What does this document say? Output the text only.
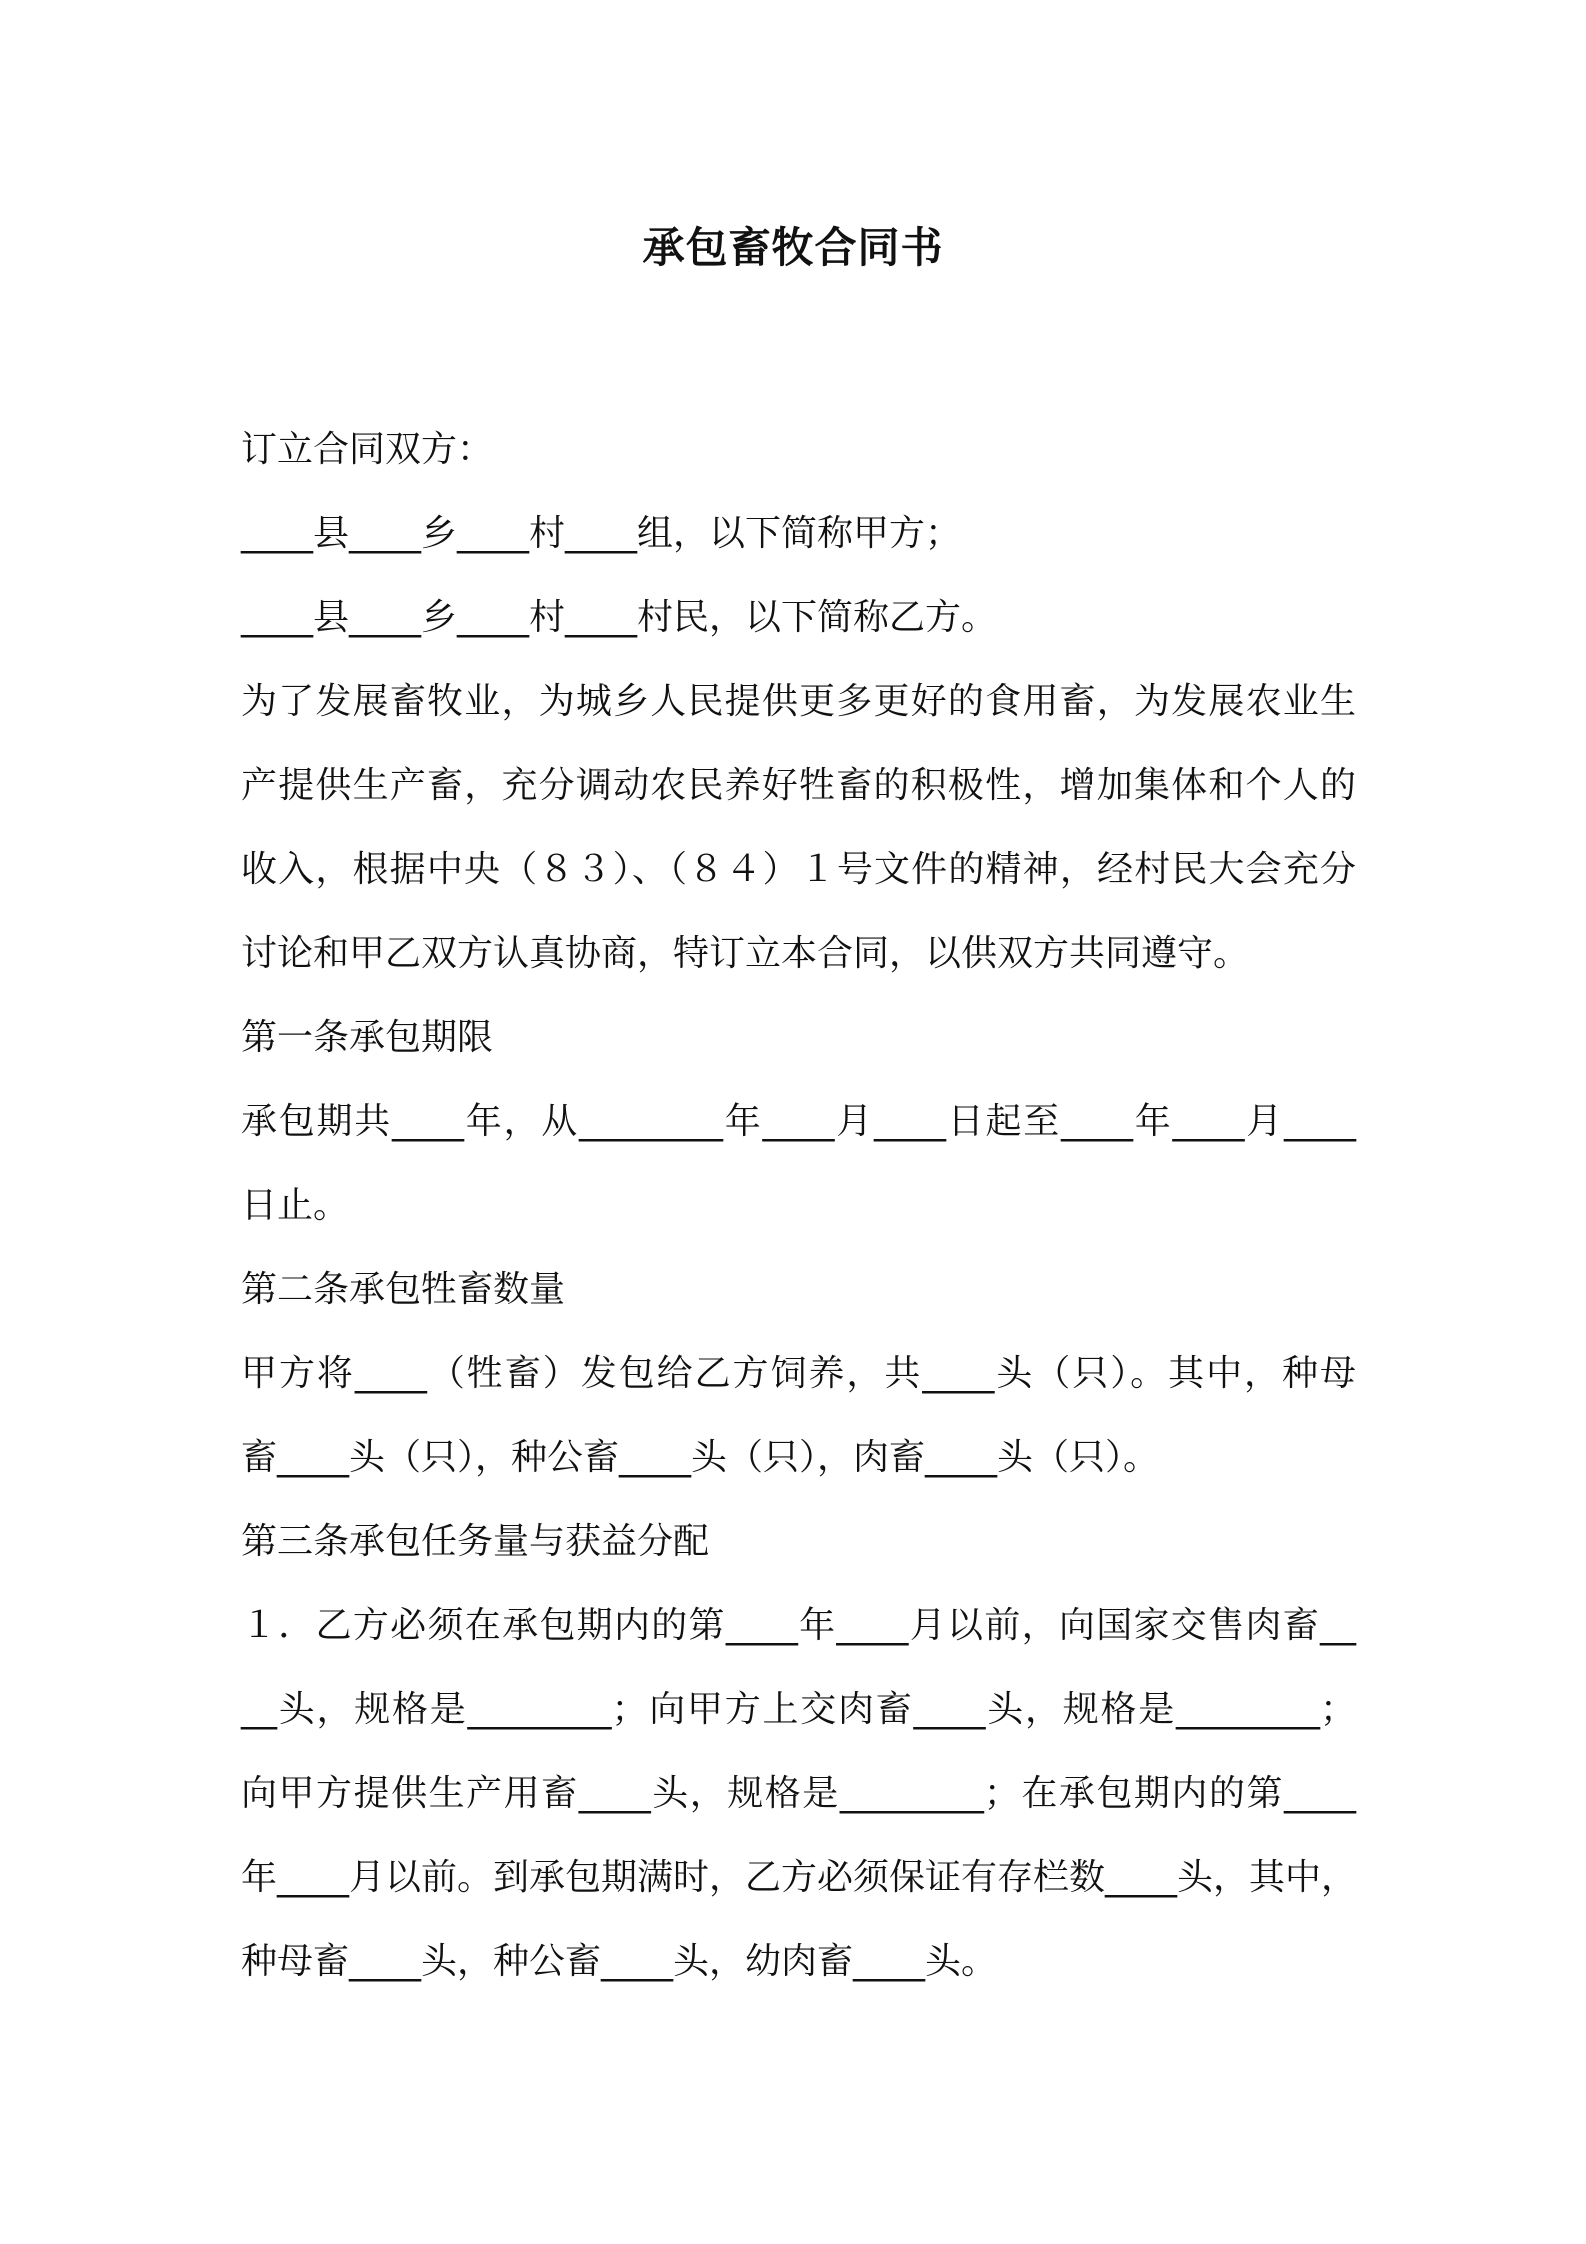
承包畜牧合同书
订立合同双方：
____县____乡____村____组，以下简称甲方；
____县____乡____村____村民，以下简称乙方。
为了发展畜牧业，为城乡人民提供更多更好的食用畜，为发展农业生
产提供生产畜，充分调动农民养好牲畜的积极性，增加集体和个人的
收入，根据中央（８３）、（８４）１号文件的精神，经村民大会充分
讨论和甲乙双方认真协商，特订立本合同，以供双方共同遵守。
第一条承包期限
承包期共____年，从________年____月____日起至____年____月____
日止。
第二条承包牲畜数量
甲方将____（牲畜）发包给乙方饲养，共____头（只）。其中，种母
畜____头（只），种公畜____头（只），肉畜____头（只）。
第三条承包任务量与获益分配
１．乙方必须在承包期内的第____年____月以前，向国家交售肉畜__
__头，规格是________；向甲方上交肉畜____头，规格是________；
向甲方提供生产用畜____头，规格是________；在承包期内的第____
年____月以前。到承包期满时，乙方必须保证有存栏数____头，其中，
种母畜____头，种公畜____头，幼肉畜____头。
